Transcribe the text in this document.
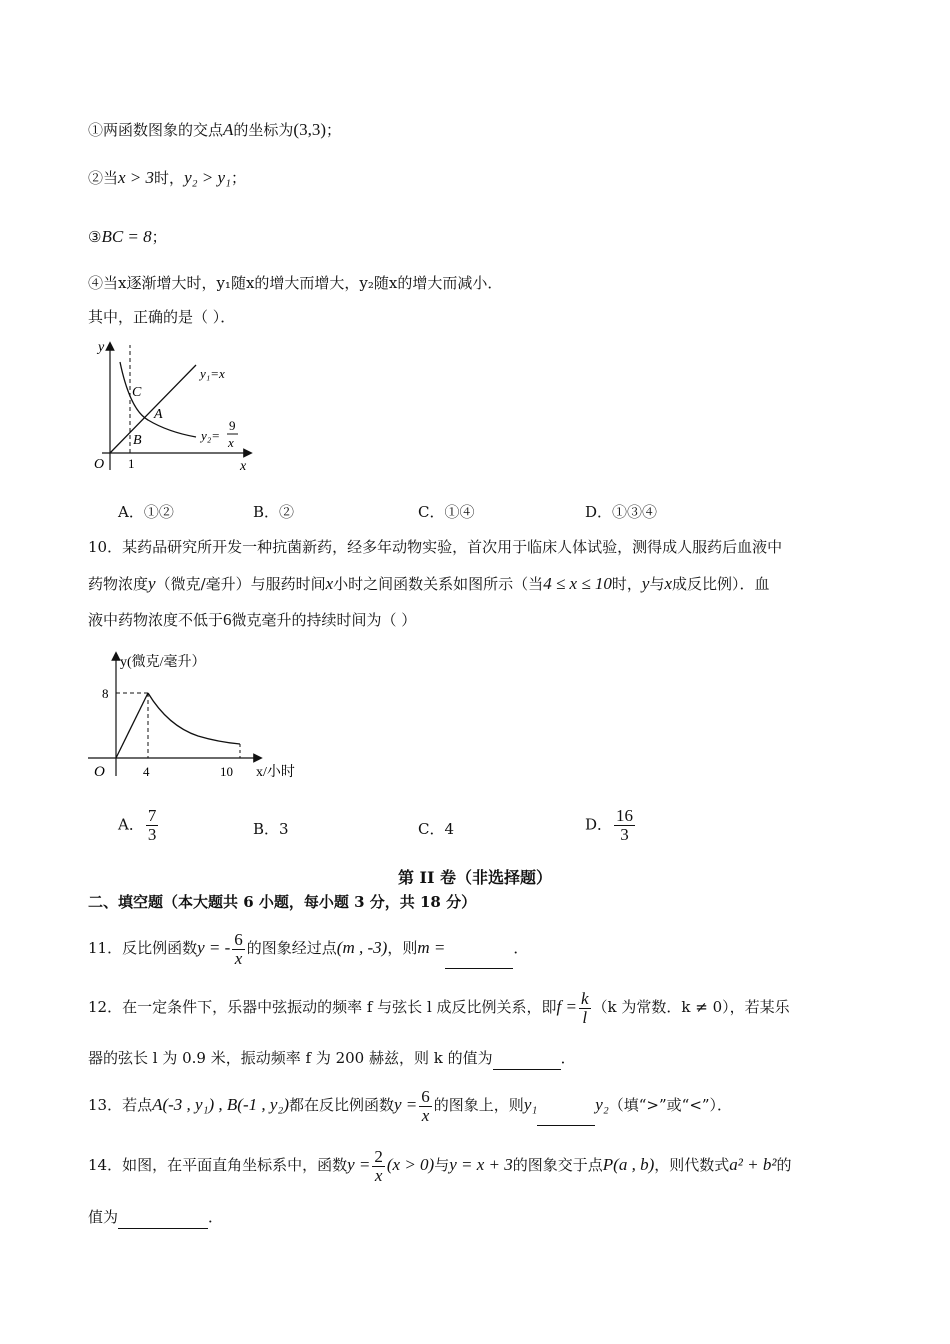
①两函数图象的交点A的坐标为(3,3)；
②当x > 3时，y₂ > y₁；
③BC = 8；
④当x逐渐增大时，y₁随x的增大而增大，y₂随x的增大而减小．
其中，正确的是（ ）．
y
x
O 1
C
A
B
y₁=x
y₂=
9
x
A．①②	B．②	C．①④	D．①③④
10．某药品研究所开发一种抗菌新药，经多年动物实验，首次用于临床人体试验，测得成人服药后血液中
药物浓度y（微克/毫升）与服药时间x小时之间函数关系如图所示（当4 ≤ x ≤ 10时，y与x成反比例）．血
液中药物浓度不低于6微克毫升的持续时间为（ ）
y(微克/毫升）
x/小时
O
8
4	10
A． $\frac{7}{3}$	B．3	C．4	D． $\frac{16}{3}$
第 II 卷（非选择题）
二、填空题（本大题共 6 小题，每小题 3 分，共 18 分）
11．反比例函数y = - $\frac{6}{x}$ 的图象经过点(m , -3)，则m =	．
12．在一定条件下，乐器中弦振动的频率 f 与弦长 l 成反比例关系，即$f = \frac{k}{l} (k$ 为常数．k ≠ 0），若某乐
器的弦长 l 为 0.9 米，振动频率 f 为 200 赫兹，则 k 的值为	．
13．若点A(-3 , y₁) , B(-1 , y₂)都在反比例函数$y = \frac{6}{x}$ 的图象上，则y₁	y₂（填“>”或“<”）．
14．如图，在平面直角坐标系中，函数$y = \frac{2}{x} (x > 0)$与y = x + 3的图象交于点P(a , b)，则代数式a² + b²的
值为	．
